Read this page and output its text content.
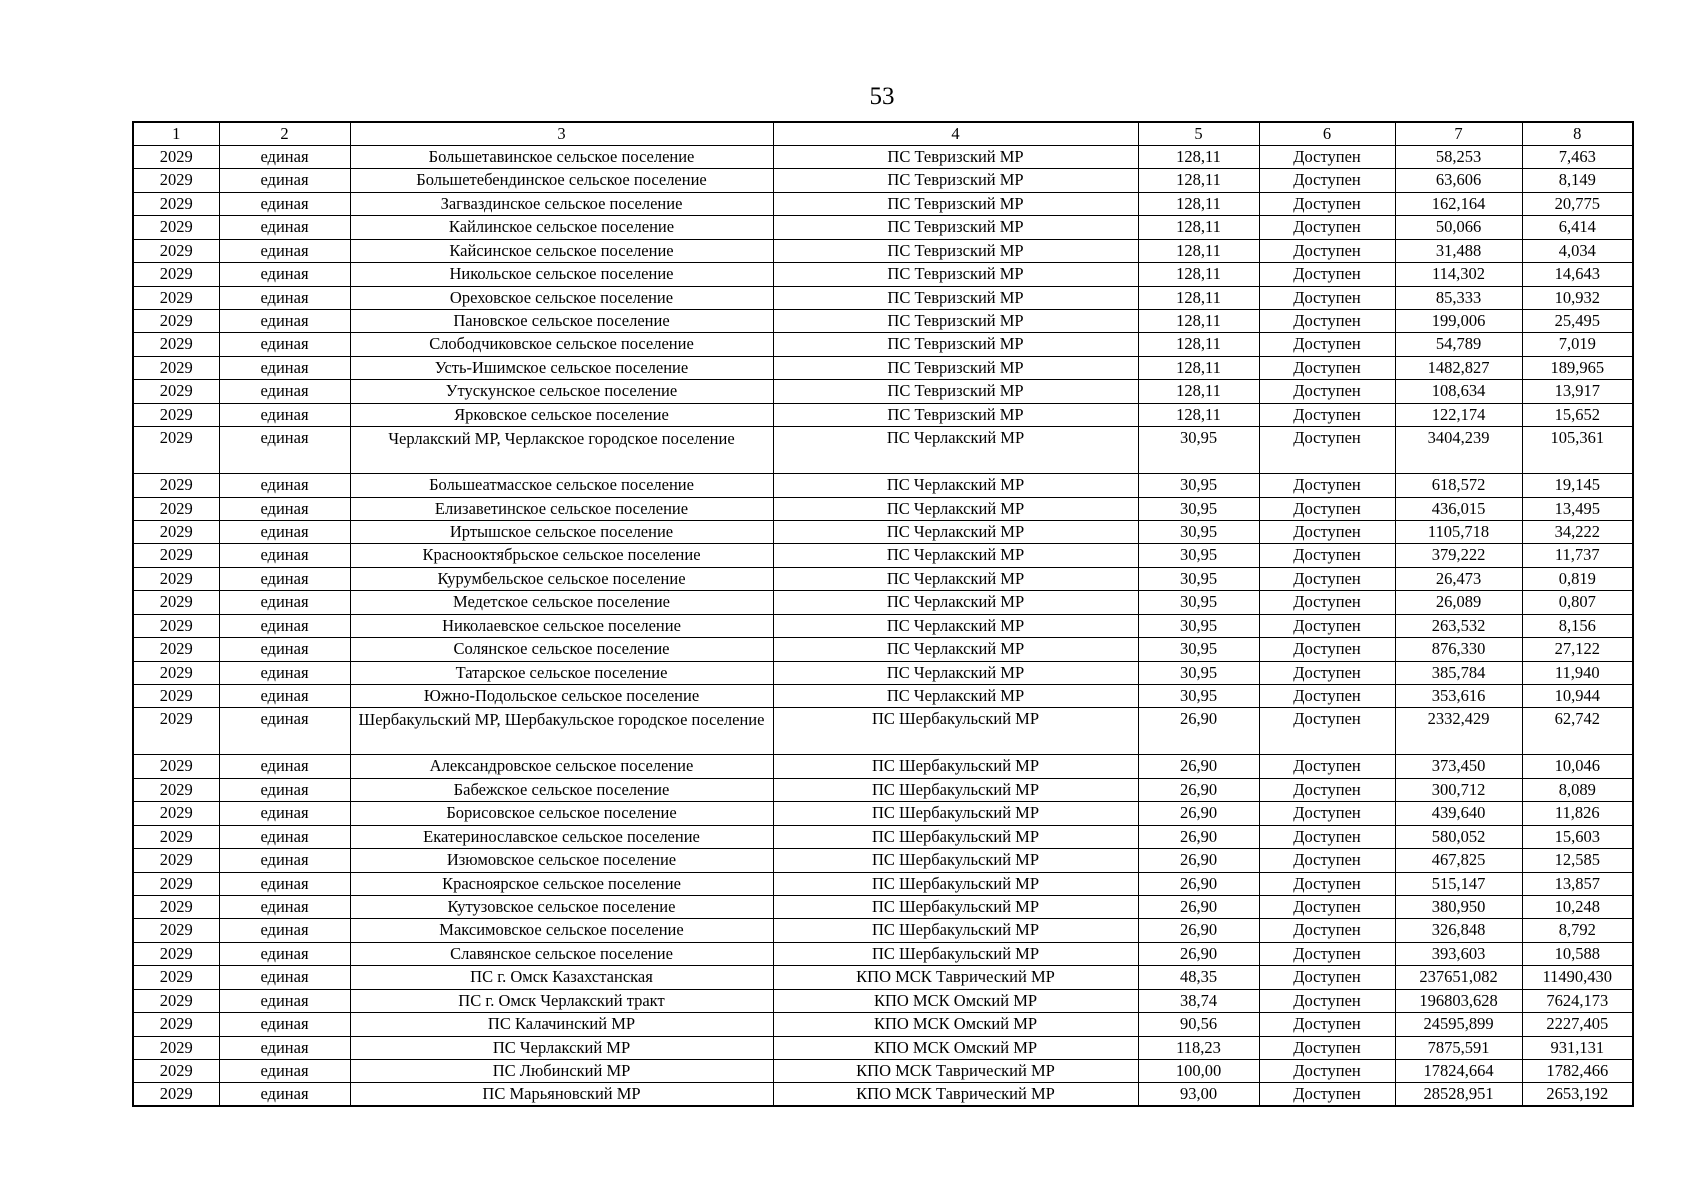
53
1	2	3	4	5	6	7	8
2029	единая	Большетавинское сельское поселение	ПС Тевризский МР	128,11	Доступен	58,253	7,463
2029	единая	Большетебендинское сельское поселение	ПС Тевризский МР	128,11	Доступен	63,606	8,149
2029	единая	Загваздинское сельское поселение	ПС Тевризский МР	128,11	Доступен	162,164	20,775
2029	единая	Кайлинское сельское поселение	ПС Тевризский МР	128,11	Доступен	50,066	6,414
2029	единая	Кайсинское сельское поселение	ПС Тевризский МР	128,11	Доступен	31,488	4,034
2029	единая	Никольское сельское поселение	ПС Тевризский МР	128,11	Доступен	114,302	14,643
2029	единая	Ореховское сельское поселение	ПС Тевризский МР	128,11	Доступен	85,333	10,932
2029	единая	Пановское сельское поселение	ПС Тевризский МР	128,11	Доступен	199,006	25,495
2029	единая	Слободчиковское сельское поселение	ПС Тевризский МР	128,11	Доступен	54,789	7,019
2029	единая	Усть-Ишимское сельское поселение	ПС Тевризский МР	128,11	Доступен	1482,827	189,965
2029	единая	Утускунское сельское поселение	ПС Тевризский МР	128,11	Доступен	108,634	13,917
2029	единая	Ярковское сельское поселение	ПС Тевризский МР	128,11	Доступен	122,174	15,652
2029	единая	Черлакский МР, Черлакское городское поселение	ПС Черлакский МР	30,95	Доступен	3404,239	105,361
2029	единая	Большеатмасское сельское поселение	ПС Черлакский МР	30,95	Доступен	618,572	19,145
2029	единая	Елизаветинское сельское поселение	ПС Черлакский МР	30,95	Доступен	436,015	13,495
2029	единая	Иртышское сельское поселение	ПС Черлакский МР	30,95	Доступен	1105,718	34,222
2029	единая	Краснооктябрьское сельское поселение	ПС Черлакский МР	30,95	Доступен	379,222	11,737
2029	единая	Курумбельское сельское поселение	ПС Черлакский МР	30,95	Доступен	26,473	0,819
2029	единая	Медетское сельское поселение	ПС Черлакский МР	30,95	Доступен	26,089	0,807
2029	единая	Николаевское сельское поселение	ПС Черлакский МР	30,95	Доступен	263,532	8,156
2029	единая	Солянское сельское поселение	ПС Черлакский МР	30,95	Доступен	876,330	27,122
2029	единая	Татарское сельское поселение	ПС Черлакский МР	30,95	Доступен	385,784	11,940
2029	единая	Южно-Подольское сельское поселение	ПС Черлакский МР	30,95	Доступен	353,616	10,944
2029	единая	Шербакульский МР, Шербакульское городское поселение	ПС Шербакульский МР	26,90	Доступен	2332,429	62,742
2029	единая	Александровское сельское поселение	ПС Шербакульский МР	26,90	Доступен	373,450	10,046
2029	единая	Бабежское сельское поселение	ПС Шербакульский МР	26,90	Доступен	300,712	8,089
2029	единая	Борисовское сельское поселение	ПС Шербакульский МР	26,90	Доступен	439,640	11,826
2029	единая	Екатеринославское сельское поселение	ПС Шербакульский МР	26,90	Доступен	580,052	15,603
2029	единая	Изюмовское сельское поселение	ПС Шербакульский МР	26,90	Доступен	467,825	12,585
2029	единая	Красноярское сельское поселение	ПС Шербакульский МР	26,90	Доступен	515,147	13,857
2029	единая	Кутузовское сельское поселение	ПС Шербакульский МР	26,90	Доступен	380,950	10,248
2029	единая	Максимовское сельское поселение	ПС Шербакульский МР	26,90	Доступен	326,848	8,792
2029	единая	Славянское сельское поселение	ПС Шербакульский МР	26,90	Доступен	393,603	10,588
2029	единая	ПС г. Омск Казахстанская	КПО МСК Таврический МР	48,35	Доступен	237651,082	11490,430
2029	единая	ПС г. Омск Черлакский тракт	КПО МСК Омский МР	38,74	Доступен	196803,628	7624,173
2029	единая	ПС Калачинский МР	КПО МСК Омский МР	90,56	Доступен	24595,899	2227,405
2029	единая	ПС Черлакский МР	КПО МСК Омский МР	118,23	Доступен	7875,591	931,131
2029	единая	ПС Любинский МР	КПО МСК Таврический МР	100,00	Доступен	17824,664	1782,466
2029	единая	ПС Марьяновский МР	КПО МСК Таврический МР	93,00	Доступен	28528,951	2653,192
